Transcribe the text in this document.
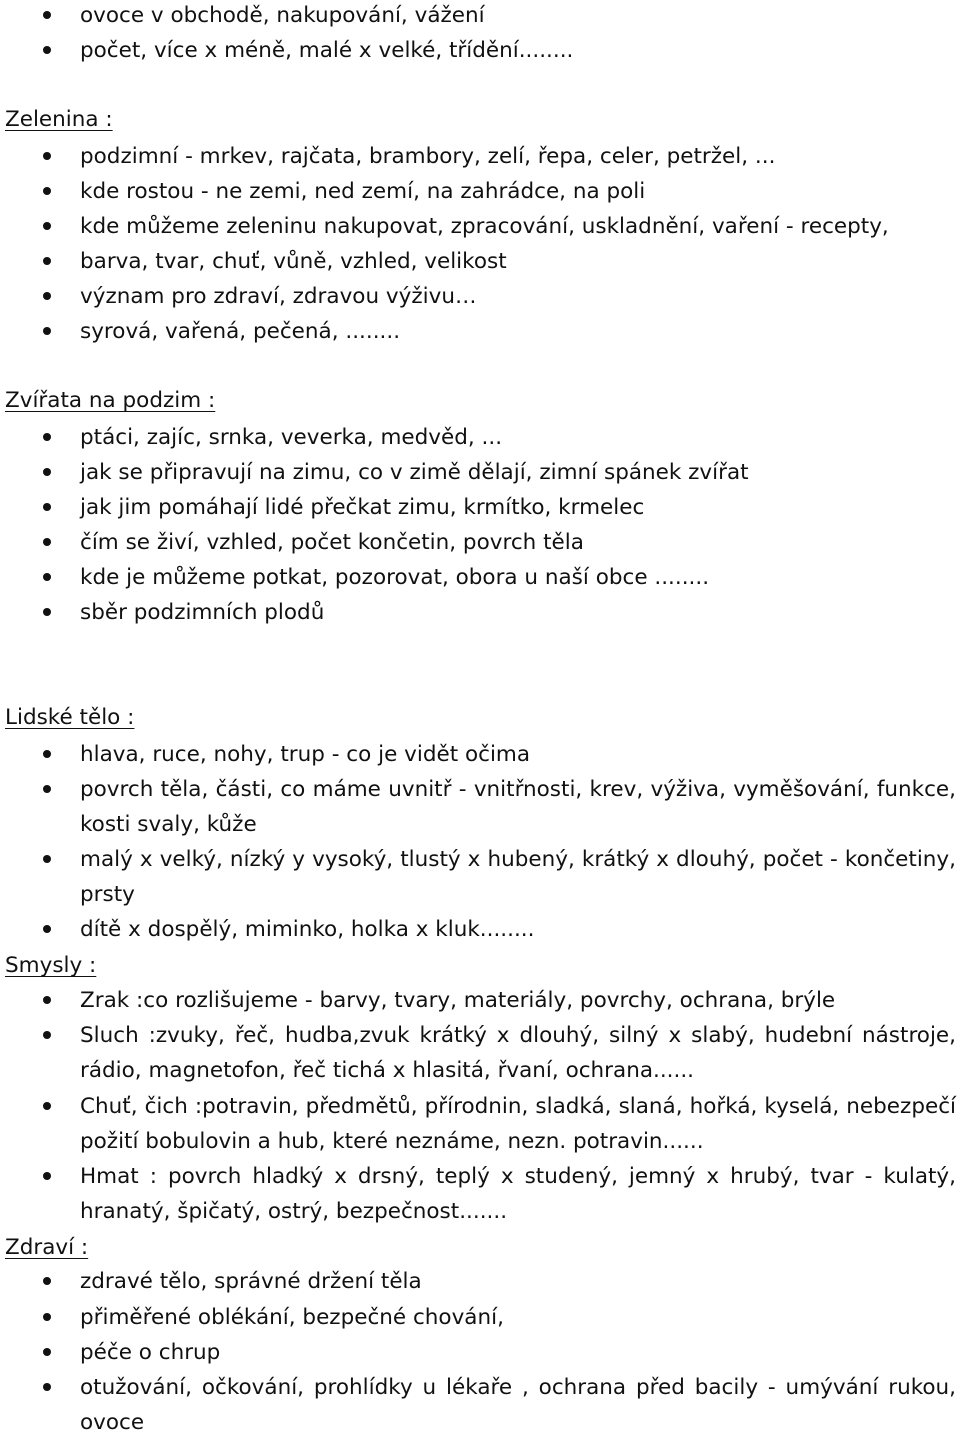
ovoce v obchodě, nakupování, vážení
počet, více x méně, malé x velké, třídění........
Zelenina :
podzimní - mrkev, rajčata, brambory, zelí, řepa, celer, petržel, ...
kde rostou - ne zemi, ned zemí, na zahrádce, na poli
kde můžeme zeleninu nakupovat, zpracování, uskladnění, vaření - recepty,
barva, tvar, chuť, vůně, vzhled, velikost
význam pro zdraví, zdravou výživu…
syrová, vařená, pečená, ........
Zvířata na podzim :
ptáci, zajíc, srnka, veverka, medvěd, ...
jak se připravují na zimu, co v zimě dělají, zimní spánek zvířat
jak jim pomáhají lidé přečkat zimu, krmítko, krmelec
čím se živí, vzhled, počet končetin, povrch těla
kde je můžeme potkat, pozorovat, obora u naší obce ........
sběr podzimních plodů
Lidské tělo :
hlava, ruce, nohy, trup - co je vidět očima
povrch těla, části, co máme uvnitř - vnitřnosti, krev, výživa, vyměšování, funkce, kosti svaly, kůže
malý x velký, nízký y vysoký, tlustý x hubený, krátký x dlouhý, počet - končetiny, prsty
dítě x dospělý, miminko, holka x kluk........
Smysly :
Zrak :co rozlišujeme - barvy, tvary, materiály, povrchy, ochrana, brýle
Sluch :zvuky, řeč, hudba,zvuk krátký x dlouhý, silný x slabý, hudební nástroje, rádio, magnetofon, řeč tichá x hlasitá, řvaní, ochrana......
Chuť, čich :potravin, předmětů, přírodnin, sladká, slaná, hořká, kyselá, nebezpečí požití bobulovin a hub, které neznáme, nezn. potravin......
Hmat : povrch hladký x drsný, teplý x studený, jemný x hrubý, tvar - kulatý, hranatý, špičatý, ostrý, bezpečnost.......
Zdraví :
zdravé tělo, správné držení těla
přiměřené oblékání, bezpečné chování,
péče o chrup
otužování, očkování, prohlídky u lékaře , ochrana před bacily - umývání rukou, ovoce
